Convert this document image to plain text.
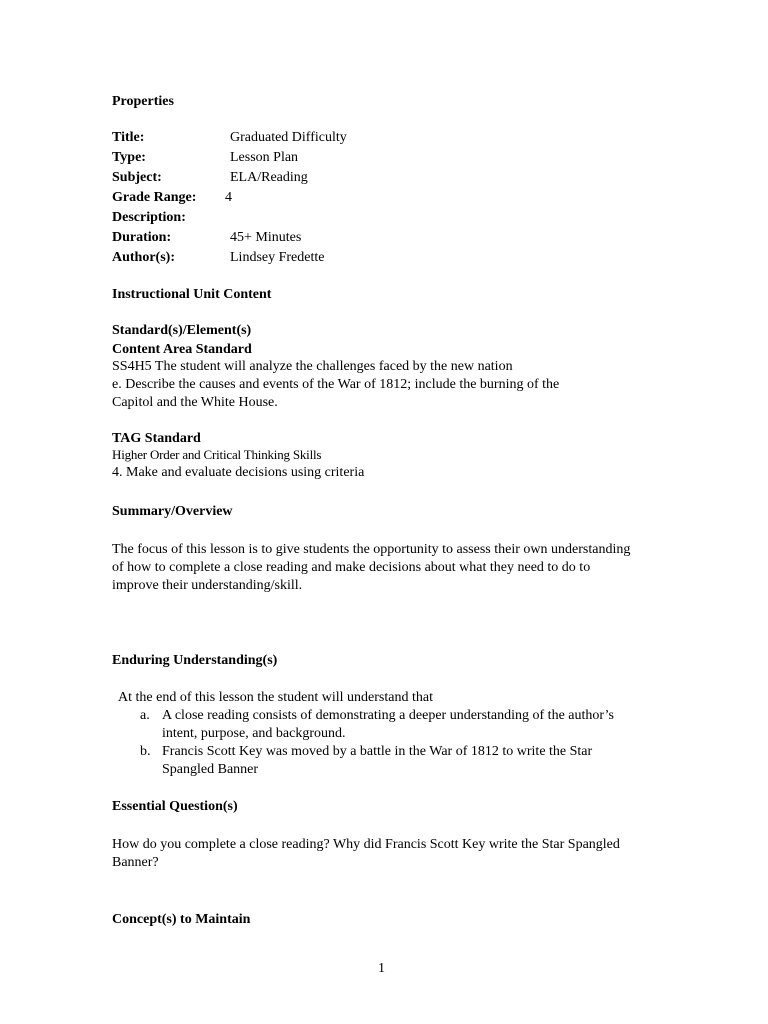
Properties
Title:	Graduated Difficulty
Type:	Lesson Plan
Subject:	ELA/Reading
Grade Range: 4
Description:
Duration:	45+ Minutes
Author(s):	Lindsey Fredette
Instructional Unit Content
Standard(s)/Element(s)
Content Area Standard
SS4H5 The student will analyze the challenges faced by the new nation
e. Describe the causes and events of the War of 1812; include the burning of the
Capitol and the White House.
TAG Standard
Higher Order and Critical Thinking Skills
4. Make and evaluate decisions using criteria
Summary/Overview
The focus of this lesson is to give students the opportunity to assess their own understanding
of how to complete a close reading and make decisions about what they need to do to
improve their understanding/skill.
Enduring Understanding(s)
At the end of this lesson the student will understand that
a. A close reading consists of demonstrating a deeper understanding of the author’s
intent, purpose, and background.
b. Francis Scott Key was moved by a battle in the War of 1812 to write the Star
Spangled Banner
Essential Question(s)
How do you complete a close reading? Why did Francis Scott Key write the Star Spangled
Banner?
Concept(s) to Maintain
1
